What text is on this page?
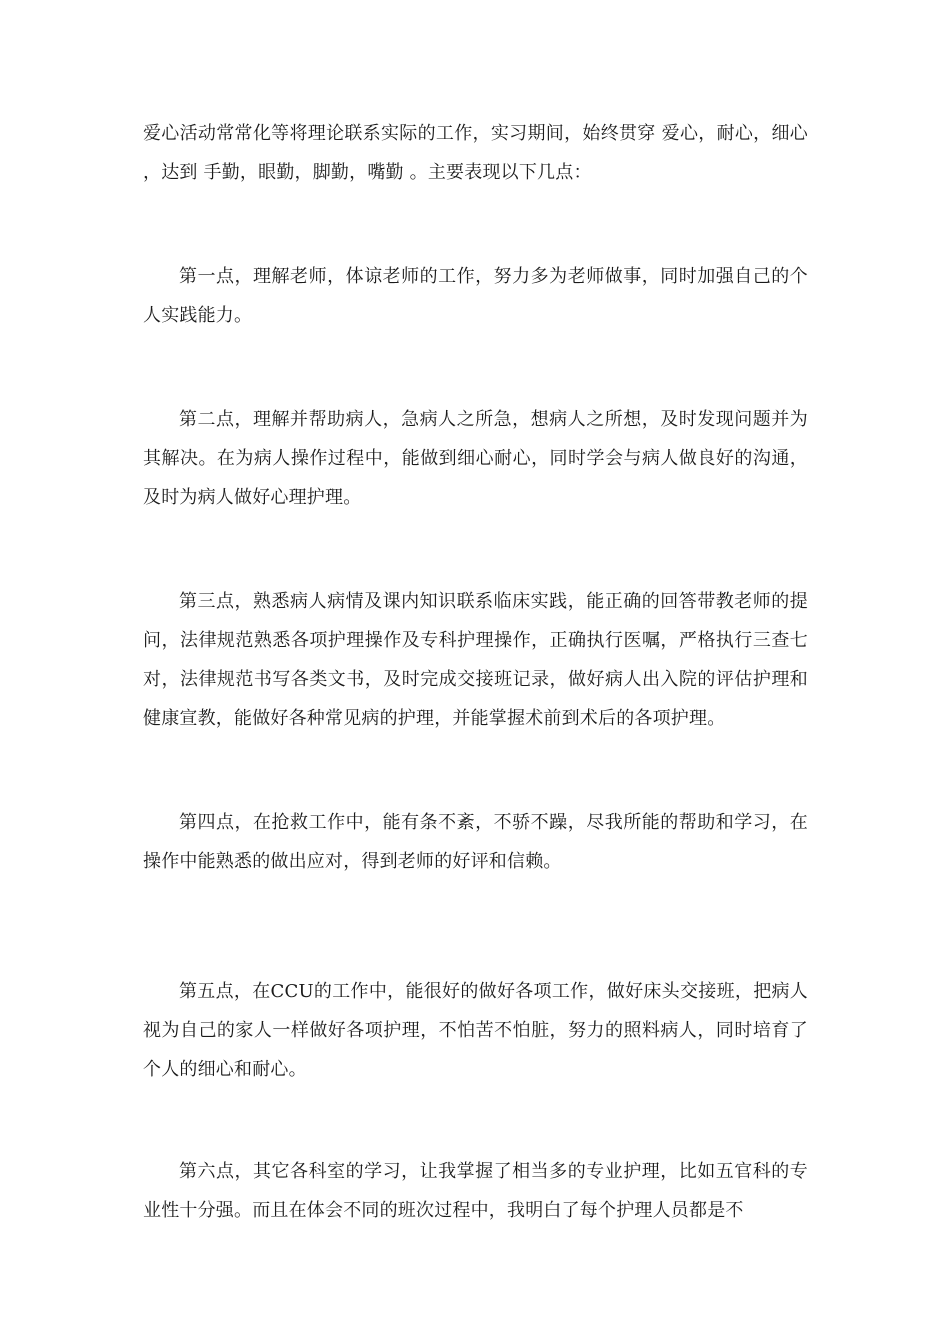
爱心活动常常化等将理论联系实际的工作，实习期间，始终贯穿 爱心，耐心，细心 ，达到 手勤，眼勤，脚勤，嘴勤 。主要表现以下几点：

第一点，理解老师，体谅老师的工作，努力多为老师做事，同时加强自己的个人实践能力。

第二点，理解并帮助病人，急病人之所急，想病人之所想，及时发现问题并为其解决。在为病人操作过程中，能做到细心耐心，同时学会与病人做良好的沟通，及时为病人做好心理护理。

第三点，熟悉病人病情及课内知识联系临床实践，能正确的回答带教老师的提问，法律规范熟悉各项护理操作及专科护理操作，正确执行医嘱，严格执行三查七对，法律规范书写各类文书，及时完成交接班记录，做好病人出入院的评估护理和健康宣教，能做好各种常见病的护理，并能掌握术前到术后的各项护理。

第四点，在抢救工作中，能有条不紊，不骄不躁，尽我所能的帮助和学习，在操作中能熟悉的做出应对，得到老师的好评和信赖。

第五点，在CCU的工作中，能很好的做好各项工作，做好床头交接班，把病人视为自己的家人一样做好各项护理，不怕苦不怕脏，努力的照料病人，同时培育了个人的细心和耐心。

第六点，其它各科室的学习，让我掌握了相当多的专业护理，比如五官科的专业性十分强。而且在体会不同的班次过程中，我明白了每个护理人员都是不
